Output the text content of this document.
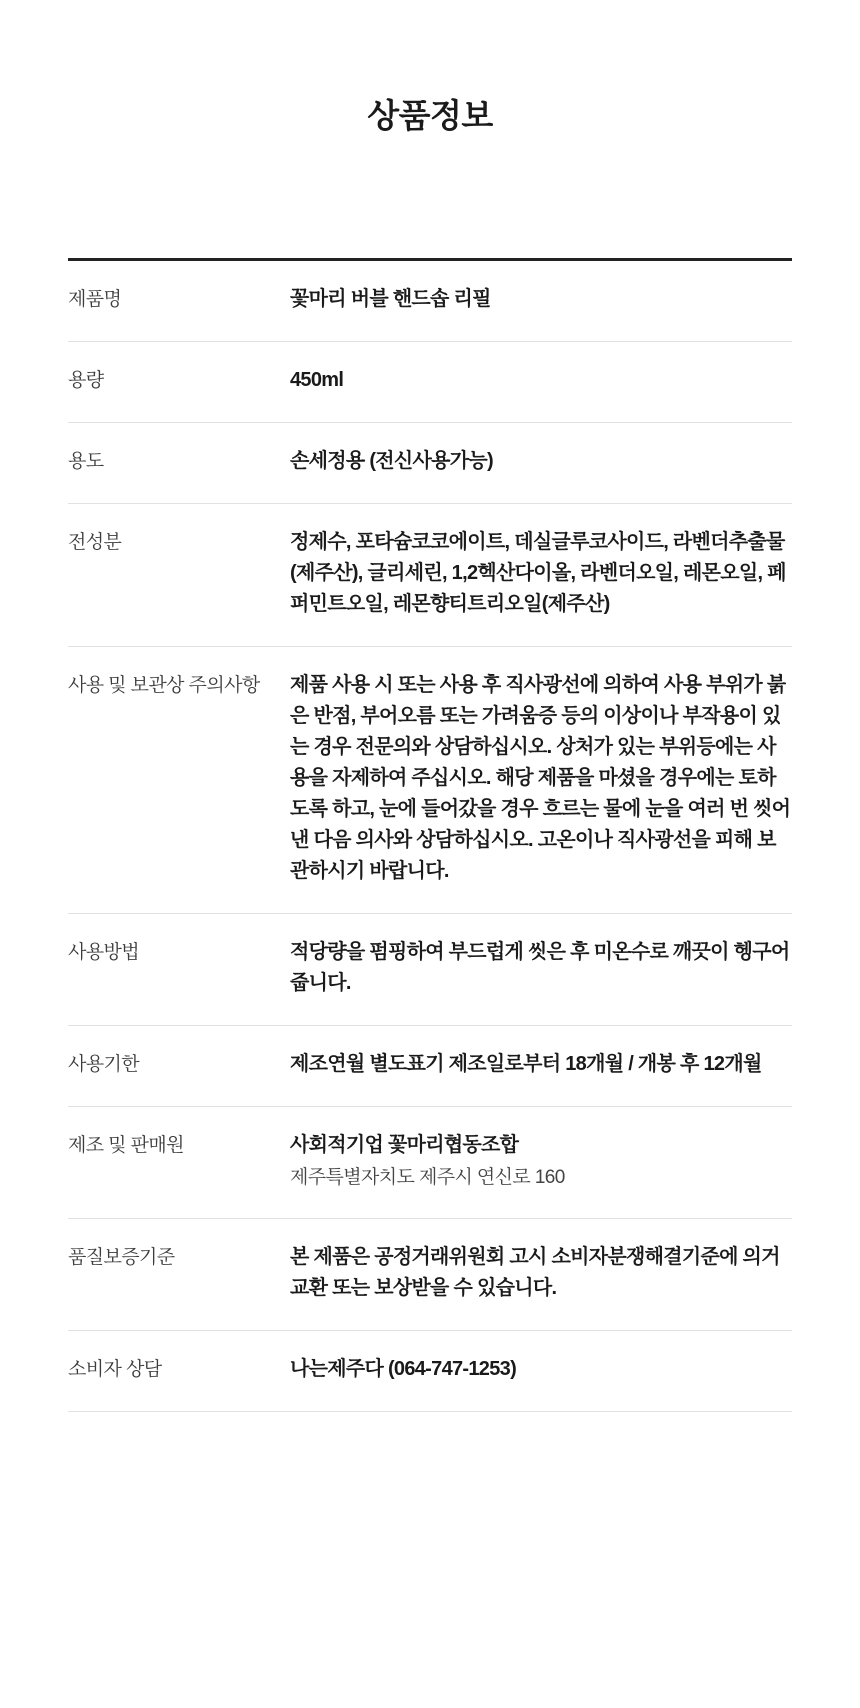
상품정보
제품명	꽃마리 버블 핸드솝 리필
용량	450ml
용도	손세정용 (전신사용가능)
전성분	정제수, 포타슘코코에이트, 데실글루코사이드, 라벤더추출물(제주산), 글리세린, 1,2헥산다이올, 라벤더오일, 레몬오일, 페퍼민트오일, 레몬향티트리오일(제주산)
사용 및 보관상 주의사항	제품 사용 시 또는 사용 후 직사광선에 의하여 사용 부위가 붉은 반점, 부어오름 또는 가려움증 등의 이상이나 부작용이 있는 경우 전문의와 상담하십시오. 상처가 있는 부위등에는 사용을 자제하여 주십시오. 해당 제품을 마셨을 경우에는 토하도록 하고, 눈에 들어갔을 경우 흐르는 물에 눈을 여러 번 씻어낸 다음 의사와 상담하십시오. 고온이나 직사광선을 피해 보관하시기 바랍니다.
사용방법	적당량을 펌핑하여 부드럽게 씻은 후 미온수로 깨끗이 헹구어 줍니다.
사용기한	제조연월 별도표기 제조일로부터 18개월 / 개봉 후 12개월
제조 및 판매원	사회적기업 꽃마리협동조합
제주특별자치도 제주시 연신로 160

품질보증기준	본 제품은 공정거래위원회 고시 소비자분쟁해결기준에 의거 교환 또는 보상받을 수 있습니다.
소비자 상담	나는제주다 (064-747-1253)
